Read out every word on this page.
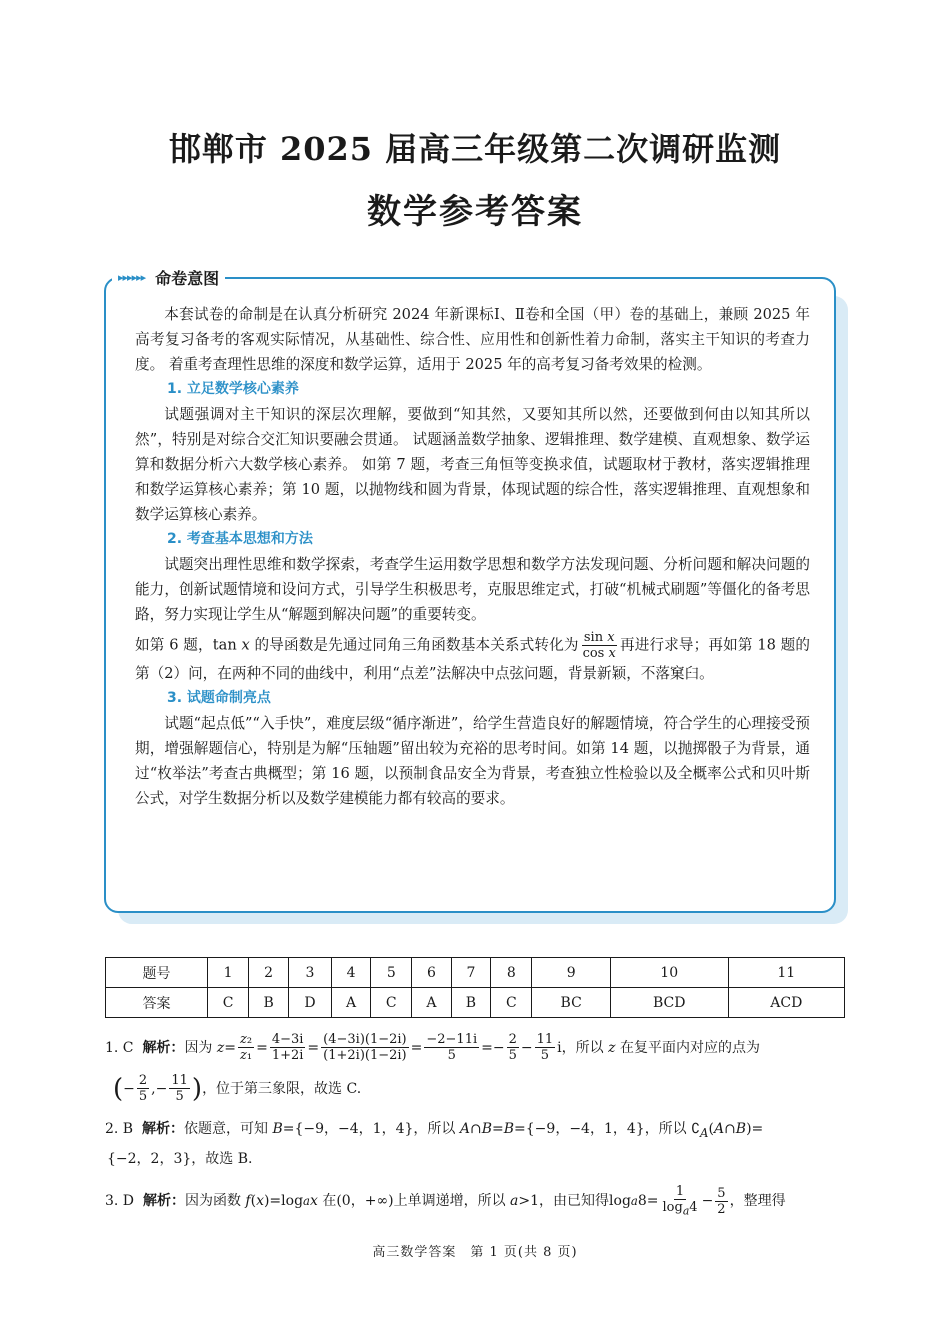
邯郸市 2025 届高三年级第二次调研监测
数学参考答案
▸▸▸▸▸▸ 命卷意图

本套试卷的命制是在认真分析研究 2024 年新课标Ⅰ、Ⅱ卷和全国（甲）卷的基础上，兼顾 2025 年高考复习备考的客观实际情况，从基础性、综合性、应用性和创新性着力命制，落实主干知识的考查力度。 着重考查理性思维的深度和数学运算，适用于 2025 年的高考复习备考效果的检测。

1. 立足数学核心素养

试题强调对主干知识的深层次理解，要做到“知其然，又要知其所以然，还要做到何由以知其所以然”，特别是对综合交汇知识要融会贯通。 试题涵盖数学抽象、逻辑推理、数学建模、直观想象、数学运算和数据分析六大数学核心素养。 如第 7 题，考查三角恒等变换求值，试题取材于教材，落实逻辑推理和数学运算核心素养；第 10 题，以抛物线和圆为背景，体现试题的综合性，落实逻辑推理、直观想象和数学运算核心素养。

2. 考查基本思想和方法

试题突出理性思维和数学探索，考查学生运用数学思想和数学方法发现问题、分析问题和解决问题的能力，创新试题情境和设问方式，引导学生积极思考，克服思维定式，打破“机械式刷题”等僵化的备考思路，努力实现让学生从“解题到解决问题”的重要转变。

如第 6 题，tan x 的导函数是先通过同角三角函数基本关系式转化为 $\frac{\text{sin x}}{\text{cos x}}$ 再进行求导；再如第 18 题的第（2）问，在两种不同的曲线中，利用“点差”法解决中点弦问题，背景新颖，不落窠臼。

3. 试题命制亮点

试题“起点低”“入手快”，难度层级“循序渐进”，给学生营造良好的解题情境，符合学生的心理接受预期，增强解题信心，特别是为解“压轴题”留出较为充裕的思考时间。如第 14 题，以抛掷骰子为背景，通过“枚举法”考查古典概型；第 16 题，以预制食品安全为背景，考查独立性检验以及全概率公式和贝叶斯公式，对学生数据分析以及数学建模能力都有较高的要求。

题号	1	2	3	4	5	6	7	8	9	10	11
答案	C	B	D	A	C	A	B	C	BC	BCD	ACD
1. C
解析： 因为
$z = \frac{\text{z₂}}{\text{z₁}} = \frac{4-3i}{1+2i} = \frac{(4-3i)(1-2i)}{(1+2i)(1-2i)} = \frac{-2-11i}{5} =- \frac{2}{5} - \frac{11}{5}$ i ，所以
z
在复平面内对应的点为
( − $\frac{2}{5}$ ,− $\frac{11}{5}$ ) ，位于第三象限，故选 C.
2. B 解析：依题意，可知 B={−9，−4，1，4}，所以 A∩B=B={−9，−4，1，4}，所以 $∁_A(A\cap B)=$
{−2，2，3}，故选 B.
3. D
解析： 因为函数
f ( x )=log a x
在(0，+∞)上单调递增，所以
a >1 ，由已知得 log a $8= \frac{1}{\log_a4} - \frac{5}{2}$ ，整理得
高三数学答案　第 1 页(共 8 页)
